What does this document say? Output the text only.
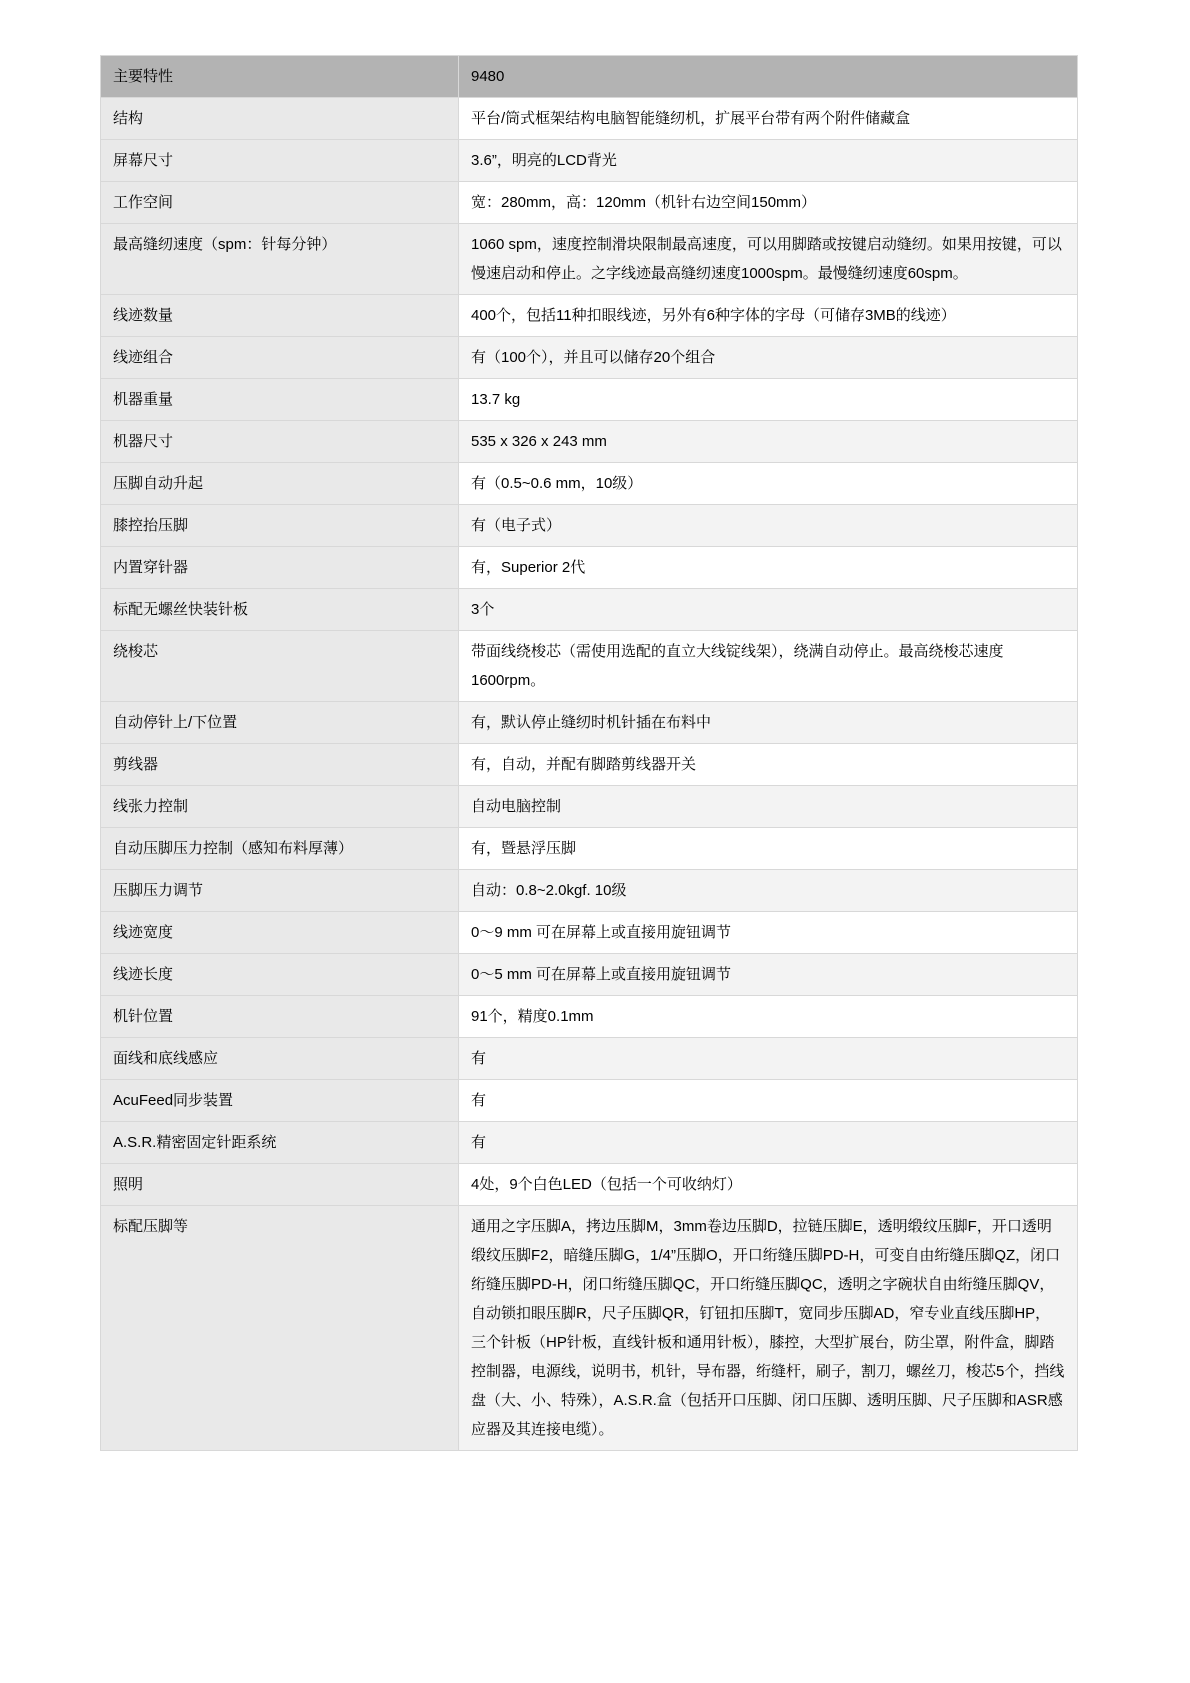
主要特性	9480
结构	平台/筒式框架结构电脑智能缝纫机，扩展平台带有两个附件储藏盒
屏幕尺寸	3.6”，明亮的LCD背光
工作空间	宽：280mm，高：120mm（机针右边空间150mm）
最高缝纫速度（spm：针每分钟）	1060 spm，速度控制滑块限制最高速度，可以用脚踏或按键启动缝纫。如果用按键，可以慢速启动和停止。之字线迹最高缝纫速度1000spm。最慢缝纫速度60spm。
线迹数量	400个，包括11种扣眼线迹，另外有6种字体的字母（可储存3MB的线迹）
线迹组合	有（100个），并且可以储存20个组合
机器重量	13.7 kg
机器尺寸	535 x 326 x 243 mm
压脚自动升起	有（0.5~0.6 mm，10级）
膝控抬压脚	有（电子式）
内置穿针器	有，Superior 2代
标配无螺丝快装针板	3个
绕梭芯	带面线绕梭芯（需使用选配的直立大线锭线架），绕满自动停止。最高绕梭芯速度1600rpm。
自动停针上/下位置	有，默认停止缝纫时机针插在布料中
剪线器	有，自动，并配有脚踏剪线器开关
线张力控制	自动电脑控制
自动压脚压力控制（感知布料厚薄）	有，暨悬浮压脚
压脚压力调节	自动：0.8~2.0kgf. 10级
线迹宽度	0～9 mm 可在屏幕上或直接用旋钮调节
线迹长度	0～5 mm 可在屏幕上或直接用旋钮调节
机针位置	91个，精度0.1mm
面线和底线感应	有
AcuFeed同步装置	有
A.S.R.精密固定针距系统	有
照明	4处，9个白色LED（包括一个可收纳灯）
标配压脚等	通用之字压脚A，拷边压脚M，3mm卷边压脚D，拉链压脚E，透明缎纹压脚F，开口透明缎纹压脚F2，暗缝压脚G，1/4”压脚O，开口绗缝压脚PD-H，可变自由绗缝压脚QZ，闭口绗缝压脚PD-H，闭口绗缝压脚QC，开口绗缝压脚QC，透明之字碗状自由绗缝压脚QV，自动锁扣眼压脚R，尺子压脚QR，钉钮扣压脚T，宽同步压脚AD，窄专业直线压脚HP，三个针板（HP针板，直线针板和通用针板），膝控，大型扩展台，防尘罩，附件盒，脚踏控制器，电源线，说明书，机针，导布器，绗缝杆，刷子，割刀，螺丝刀，梭芯5个，挡线盘（大、小、特殊），A.S.R.盒（包括开口压脚、闭口压脚、透明压脚、尺子压脚和ASR感应器及其连接电缆）。
